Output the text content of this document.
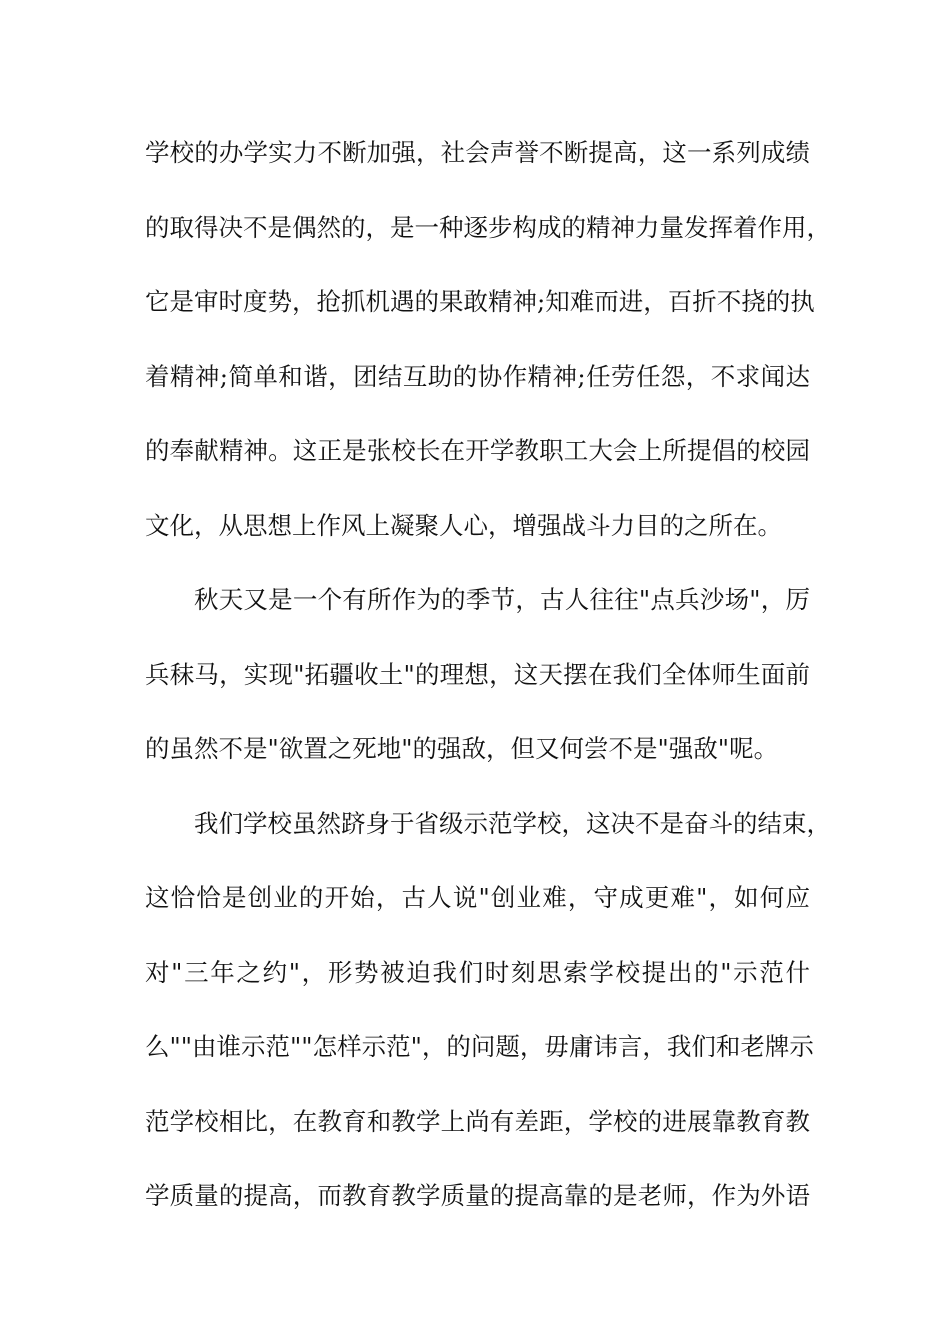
学校的办学实力不断加强，社会声誉不断提高，这一系列成绩
的取得决不是偶然的，是一种逐步构成的精神力量发挥着作用，
它是审时度势，抢抓机遇的果敢精神;知难而进，百折不挠的执
着精神;简单和谐，团结互助的协作精神;任劳任怨，不求闻达
的奉献精神。这正是张校长在开学教职工大会上所提倡的校园
文化，从思想上作风上凝聚人心，增强战斗力目的之所在。
秋天又是一个有所作为的季节，古人往往"点兵沙场"，厉
兵秣马，实现"拓疆收土"的理想，这天摆在我们全体师生面前
的虽然不是"欲置之死地"的强敌，但又何尝不是"强敌"呢。
我们学校虽然跻身于省级示范学校，这决不是奋斗的结束，
这恰恰是创业的开始，古人说"创业难，守成更难"，如何应
对"三年之约"，形势被迫我们时刻思索学校提出的"示范什
么""由谁示范""怎样示范"，的问题，毋庸讳言，我们和老牌示
范学校相比，在教育和教学上尚有差距，学校的进展靠教育教
学质量的提高，而教育教学质量的提高靠的是老师，作为外语
